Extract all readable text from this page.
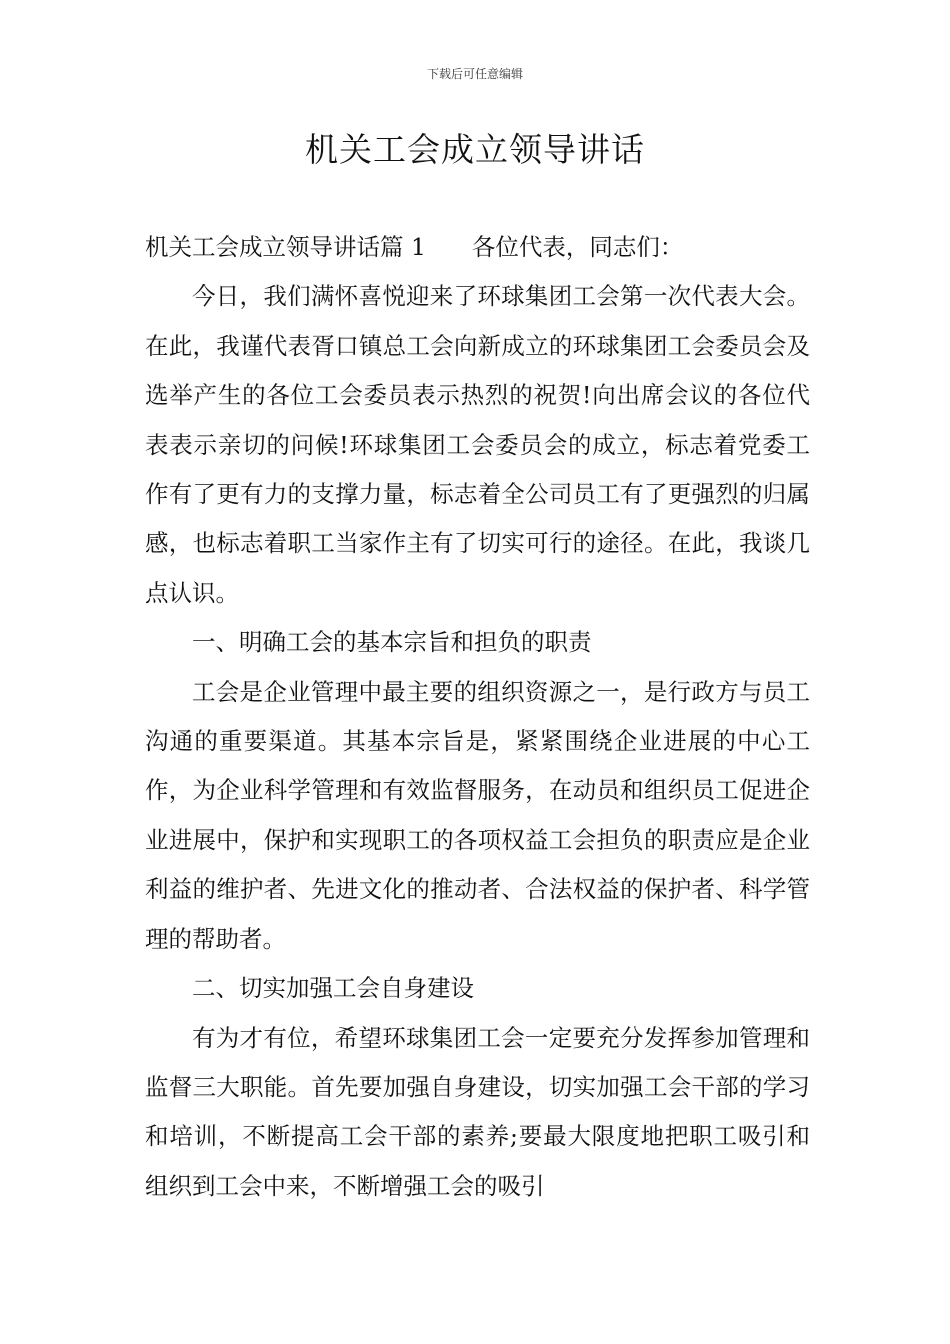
下载后可任意编辑
机关工会成立领导讲话

机关工会成立领导讲话篇 1 各位代表，同志们：

今日，我们满怀喜悦迎来了环球集团工会第一次代表大会。在此，我谨代表胥口镇总工会向新成立的环球集团工会委员会及选举产生的各位工会委员表示热烈的祝贺!向出席会议的各位代表表示亲切的问候!环球集团工会委员会的成立，标志着党委工作有了更有力的支撑力量，标志着全公司员工有了更强烈的归属感，也标志着职工当家作主有了切实可行的途径。在此，我谈几点认识。

一、明确工会的基本宗旨和担负的职责

工会是企业管理中最主要的组织资源之一，是行政方与员工沟通的重要渠道。其基本宗旨是，紧紧围绕企业进展的中心工作，为企业科学管理和有效监督服务，在动员和组织员工促进企业进展中，保护和实现职工的各项权益工会担负的职责应是企业利益的维护者、先进文化的推动者、合法权益的保护者、科学管理的帮助者。

二、切实加强工会自身建设

有为才有位，希望环球集团工会一定要充分发挥参加管理和监督三大职能。首先要加强自身建设，切实加强工会干部的学习和培训，不断提高工会干部的素养;要最大限度地把职工吸引和组织到工会中来，不断增强工会的吸引
